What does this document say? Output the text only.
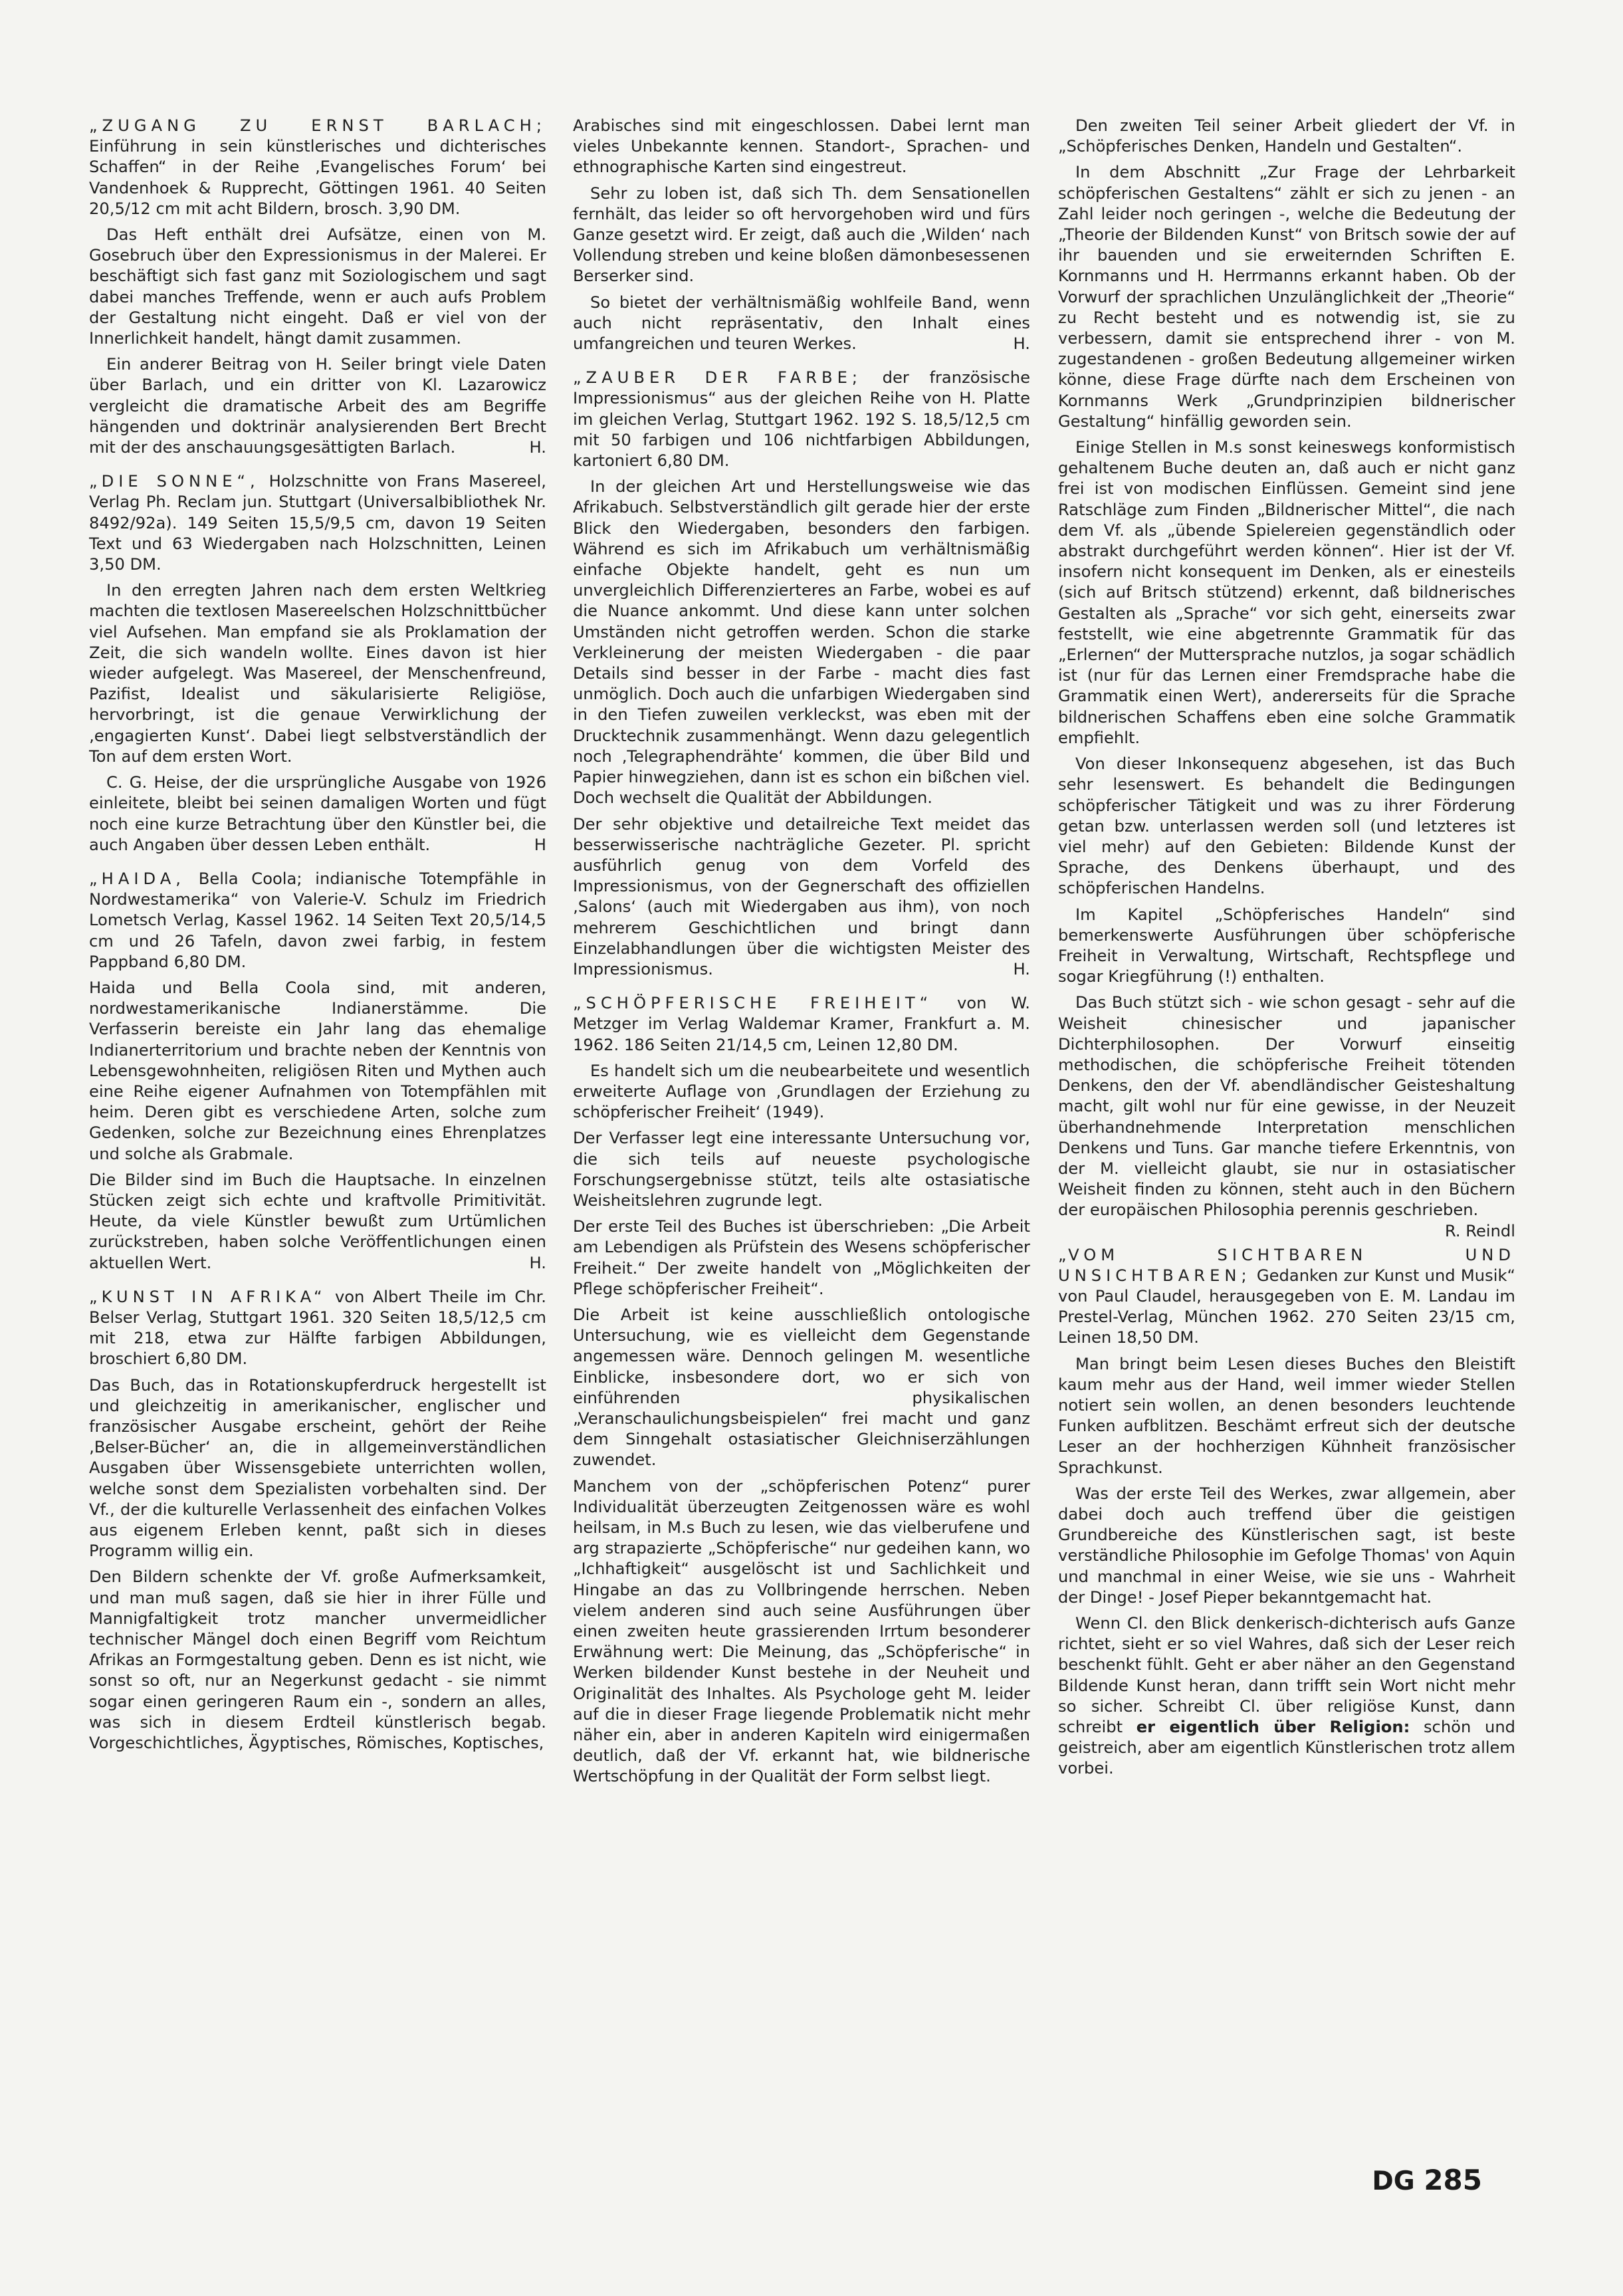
„ZUGANG ZU ERNST BARLACH; Einführung in sein künstlerisches und dichterisches Schaffen“ in der Reihe ‚Evangelisches Forum‘ bei Vandenhoek & Rupprecht, Göttingen 1961. 40 Seiten 20,5/12 cm mit acht Bildern, brosch. 3,90 DM.

Das Heft enthält drei Aufsätze, einen von M. Gosebruch über den Expressionismus in der Malerei. Er beschäftigt sich fast ganz mit Soziologischem und sagt dabei manches Treffende, wenn er auch aufs Problem der Gestaltung nicht eingeht. Daß er viel von der Innerlichkeit handelt, hängt damit zusammen.

Ein anderer Beitrag von H. Seiler bringt viele Daten über Barlach, und ein dritter von Kl. Lazarowicz vergleicht die dramatische Arbeit des am Begriffe hängenden und doktrinär analysierenden Bert Brecht mit der des anschauungsgesättigten Barlach.	H.

„DIE SONNE“, Holzschnitte von Frans Masereel, Verlag Ph. Reclam jun. Stuttgart (Universalbibliothek Nr. 8492/92a). 149 Seiten 15,5/9,5 cm, davon 19 Seiten Text und 63 Wiedergaben nach Holzschnitten, Leinen 3,50 DM.

In den erregten Jahren nach dem ersten Weltkrieg machten die textlosen Masereelschen Holzschnittbücher viel Aufsehen. Man empfand sie als Proklamation der Zeit, die sich wandeln wollte. Eines davon ist hier wieder aufgelegt. Was Masereel, der Menschenfreund, Pazifist, Idealist und säkularisierte Religiöse, hervorbringt, ist die genaue Verwirklichung der ‚engagierten Kunst‘. Dabei liegt selbstverständlich der Ton auf dem ersten Wort.

C. G. Heise, der die ursprüngliche Ausgabe von 1926 einleitete, bleibt bei seinen damaligen Worten und fügt noch eine kurze Betrachtung über den Künstler bei, die auch Angaben über dessen Leben enthält.	H

„HAIDA, Bella Coola; indianische Totempfähle in Nordwestamerika“ von Valerie-V. Schulz im Friedrich Lometsch Verlag, Kassel 1962. 14 Seiten Text 20,5/14,5 cm und 26 Tafeln, davon zwei farbig, in festem Pappband 6,80 DM.

Haida und Bella Coola sind, mit anderen, nordwestamerikanische Indianerstämme. Die Verfasserin bereiste ein Jahr lang das ehemalige Indianerterritorium und brachte neben der Kenntnis von Lebensgewohnheiten, religiösen Riten und Mythen auch eine Reihe eigener Aufnahmen von Totempfählen mit heim. Deren gibt es verschiedene Arten, solche zum Gedenken, solche zur Bezeichnung eines Ehrenplatzes und solche als Grabmale.

Die Bilder sind im Buch die Hauptsache. In einzelnen Stücken zeigt sich echte und kraftvolle Primitivität. Heute, da viele Künstler bewußt zum Urtümlichen zurückstreben, haben solche Veröffentlichungen einen aktuellen Wert.	H.

„KUNST IN AFRIKA“ von Albert Theile im Chr. Belser Verlag, Stuttgart 1961. 320 Seiten 18,5/12,5 cm mit 218, etwa zur Hälfte farbigen Abbildungen, broschiert 6,80 DM.

Das Buch, das in Rotationskupferdruck hergestellt ist und gleichzeitig in amerikanischer, englischer und französischer Ausgabe erscheint, gehört der Reihe ‚Belser-Bücher‘ an, die in allgemeinverständlichen Ausgaben über Wissensgebiete unterrichten wollen, welche sonst dem Spezialisten vorbehalten sind. Der Vf., der die kulturelle Verlassenheit des einfachen Volkes aus eigenem Erleben kennt, paßt sich in dieses Programm willig ein.

Den Bildern schenkte der Vf. große Aufmerksamkeit, und man muß sagen, daß sie hier in ihrer Fülle und Mannigfaltigkeit trotz mancher unvermeidlicher technischer Mängel doch einen Begriff vom Reichtum Afrikas an Formgestaltung geben. Denn es ist nicht, wie sonst so oft, nur an Negerkunst gedacht - sie nimmt sogar einen geringeren Raum ein -, sondern an alles, was sich in diesem Erdteil künstlerisch begab. Vorgeschichtliches, Ägyptisches, Römisches, Koptisches,

Arabisches sind mit eingeschlossen. Dabei lernt man vieles Unbekannte kennen. Standort-, Sprachen- und ethnographische Karten sind eingestreut.

Sehr zu loben ist, daß sich Th. dem Sensationellen fernhält, das leider so oft hervorgehoben wird und fürs Ganze gesetzt wird. Er zeigt, daß auch die ‚Wilden‘ nach Vollendung streben und keine bloßen dämonbesessenen Berserker sind.

So bietet der verhältnismäßig wohlfeile Band, wenn auch nicht repräsentativ, den Inhalt eines umfangreichen und teuren Werkes.	H.

„ZAUBER DER FARBE; der französische Impressionismus“ aus der gleichen Reihe von H. Platte im gleichen Verlag, Stuttgart 1962. 192 S. 18,5/12,5 cm mit 50 farbigen und 106 nichtfarbigen Abbildungen, kartoniert 6,80 DM.

In der gleichen Art und Herstellungsweise wie das Afrikabuch. Selbstverständlich gilt gerade hier der erste Blick den Wiedergaben, besonders den farbigen. Während es sich im Afrikabuch um verhältnismäßig einfache Objekte handelt, geht es nun um unvergleichlich Differenzierteres an Farbe, wobei es auf die Nuance ankommt. Und diese kann unter solchen Umständen nicht getroffen werden. Schon die starke Verkleinerung der meisten Wiedergaben - die paar Details sind besser in der Farbe - macht dies fast unmöglich. Doch auch die unfarbigen Wiedergaben sind in den Tiefen zuweilen verkleckst, was eben mit der Drucktechnik zusammenhängt. Wenn dazu gelegentlich noch ‚Telegraphendrähte‘ kommen, die über Bild und Papier hinwegziehen, dann ist es schon ein bißchen viel. Doch wechselt die Qualität der Abbildungen.

Der sehr objektive und detailreiche Text meidet das besserwisserische nachträgliche Gezeter. Pl. spricht ausführlich genug von dem Vorfeld des Impressionismus, von der Gegnerschaft des offiziellen ‚Salons‘ (auch mit Wiedergaben aus ihm), von noch mehrerem Geschichtlichen und bringt dann Einzelabhandlungen über die wichtigsten Meister des Impressionismus.	H.

„SCHÖPFERISCHE FREIHEIT“ von W. Metzger im Verlag Waldemar Kramer, Frankfurt a. M. 1962. 186 Seiten 21/14,5 cm, Leinen 12,80 DM.

Es handelt sich um die neubearbeitete und wesentlich erweiterte Auflage von ‚Grundlagen der Erziehung zu schöpferischer Freiheit‘ (1949).

Der Verfasser legt eine interessante Untersuchung vor, die sich teils auf neueste psychologische Forschungsergebnisse stützt, teils alte ostasiatische Weisheitslehren zugrunde legt.

Der erste Teil des Buches ist überschrieben: „Die Arbeit am Lebendigen als Prüfstein des Wesens schöpferischer Freiheit.“ Der zweite handelt von „Möglichkeiten der Pflege schöpferischer Freiheit“.

Die Arbeit ist keine ausschließlich ontologische Untersuchung, wie es vielleicht dem Gegenstande angemessen wäre. Dennoch gelingen M. wesentliche Einblicke, insbesondere dort, wo er sich von einführenden physikalischen „Veranschaulichungsbeispielen“ frei macht und ganz dem Sinngehalt ostasiatischer Gleichniserzählungen zuwendet.

Manchem von der „schöpferischen Potenz“ purer Individualität überzeugten Zeitgenossen wäre es wohl heilsam, in M.s Buch zu lesen, wie das vielberufene und arg strapazierte „Schöpferische“ nur gedeihen kann, wo „Ichhaftigkeit“ ausgelöscht ist und Sachlichkeit und Hingabe an das zu Vollbringende herrschen. Neben vielem anderen sind auch seine Ausführungen über einen zweiten heute grassierenden Irrtum besonderer Erwähnung wert: Die Meinung, das „Schöpferische“ in Werken bildender Kunst bestehe in der Neuheit und Originalität des Inhaltes. Als Psychologe geht M. leider auf die in dieser Frage liegende Problematik nicht mehr näher ein, aber in anderen Kapiteln wird einigermaßen deutlich, daß der Vf. erkannt hat, wie bildnerische Wertschöpfung in der Qualität der Form selbst liegt.

Den zweiten Teil seiner Arbeit gliedert der Vf. in „Schöpferisches Denken, Handeln und Gestalten“.

In dem Abschnitt „Zur Frage der Lehrbarkeit schöpferischen Gestaltens“ zählt er sich zu jenen - an Zahl leider noch geringen -, welche die Bedeutung der „Theorie der Bildenden Kunst“ von Britsch sowie der auf ihr bauenden und sie erweiternden Schriften E. Kornmanns und H. Herrmanns erkannt haben. Ob der Vorwurf der sprachlichen Unzulänglichkeit der „Theorie“ zu Recht besteht und es notwendig ist, sie zu verbessern, damit sie entsprechend ihrer - von M. zugestandenen - großen Bedeutung allgemeiner wirken könne, diese Frage dürfte nach dem Erscheinen von Kornmanns Werk „Grundprinzipien bildnerischer Gestaltung“ hinfällig geworden sein.

Einige Stellen in M.s sonst keineswegs konformistisch gehaltenem Buche deuten an, daß auch er nicht ganz frei ist von modischen Einflüssen. Gemeint sind jene Ratschläge zum Finden „Bildnerischer Mittel“, die nach dem Vf. als „übende Spielereien gegenständlich oder abstrakt durchgeführt werden können“. Hier ist der Vf. insofern nicht konsequent im Denken, als er einesteils (sich auf Britsch stützend) erkennt, daß bildnerisches Gestalten als „Sprache“ vor sich geht, einerseits zwar feststellt, wie eine abgetrennte Grammatik für das „Erlernen“ der Muttersprache nutzlos, ja sogar schädlich ist (nur für das Lernen einer Fremdsprache habe die Grammatik einen Wert), andererseits für die Sprache bildnerischen Schaffens eben eine solche Grammatik empfiehlt.

Von dieser Inkonsequenz abgesehen, ist das Buch sehr lesenswert. Es behandelt die Bedingungen schöpferischer Tätigkeit und was zu ihrer Förderung getan bzw. unterlassen werden soll (und letzteres ist viel mehr) auf den Gebieten: Bildende Kunst der Sprache, des Denkens überhaupt, und des schöpferischen Handelns.

Im Kapitel „Schöpferisches Handeln“ sind bemerkenswerte Ausführungen über schöpferische Freiheit in Verwaltung, Wirtschaft, Rechtspflege und sogar Kriegführung (!) enthalten.

Das Buch stützt sich - wie schon gesagt - sehr auf die Weisheit chinesischer und japanischer Dichterphilosophen. Der Vorwurf einseitig methodischen, die schöpferische Freiheit tötenden Denkens, den der Vf. abendländischer Geisteshaltung macht, gilt wohl nur für eine gewisse, in der Neuzeit überhandnehmende Interpretation menschlichen Denkens und Tuns. Gar manche tiefere Erkenntnis, von der M. vielleicht glaubt, sie nur in ostasiatischer Weisheit finden zu können, steht auch in den Büchern der europäischen Philosophia perennis geschrieben.
R. Reindl

„VOM SICHTBAREN UND UNSICHTBAREN; Gedanken zur Kunst und Musik“ von Paul Claudel, herausgegeben von E. M. Landau im Prestel-Verlag, München 1962. 270 Seiten 23/15 cm, Leinen 18,50 DM.

Man bringt beim Lesen dieses Buches den Bleistift kaum mehr aus der Hand, weil immer wieder Stellen notiert sein wollen, an denen besonders leuchtende Funken aufblitzen. Beschämt erfreut sich der deutsche Leser an der hochherzigen Kühnheit französischer Sprachkunst.

Was der erste Teil des Werkes, zwar allgemein, aber dabei doch auch treffend über die geistigen Grundbereiche des Künstlerischen sagt, ist beste verständliche Philosophie im Gefolge Thomas' von Aquin und manchmal in einer Weise, wie sie uns - Wahrheit der Dinge! - Josef Pieper bekanntgemacht hat.

Wenn Cl. den Blick denkerisch-dichterisch aufs Ganze richtet, sieht er so viel Wahres, daß sich der Leser reich beschenkt fühlt. Geht er aber näher an den Gegenstand Bildende Kunst heran, dann trifft sein Wort nicht mehr so sicher. Schreibt Cl. über religiöse Kunst, dann schreibt er eigentlich über Religion: schön und geistreich, aber am eigentlich Künstlerischen trotz allem vorbei.

DG 285
